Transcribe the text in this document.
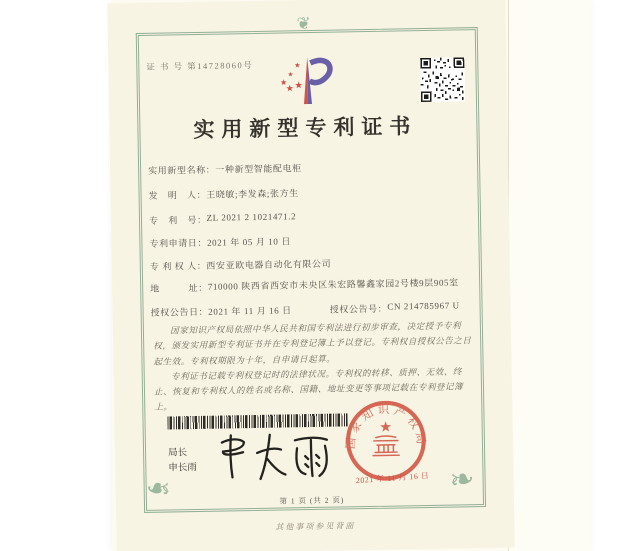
❦
❧	❧
证 书 号 第14728060号
实用新型专利证书
实用新型名称：一种新型智能配电柜
发　明　人：王晓敏;李发森;张方生
专　利　号：ZL 2021 2 1021471.2
专利申请日：2021 年 05 月 10 日
专 利 权 人：西安亚欧电器自动化有限公司
地　　　址：710000 陕西省西安市未央区朱宏路馨鑫家园2号楼9层905室
授权公告日：2021 年 11 月 16 日	授权公告号：CN 214785967 U

国家知识产权局依照中华人民共和国专利法进行初步审查，决定授予专利权，颁发实用新型专利证书并在专利登记簿上予以登记。专利权自授权公告之日起生效。专利权期限为十年，自申请日起算。

专利证书记载专利权登记时的法律状况。专利权的转移、质押、无效、终止、恢复和专利权人的姓名或名称、国籍、地址变更等事项记载在专利登记簿上。

局长
申长雨
国家知识产权局
2021 年 11 月 16 日
第 1 页 (共 2 页)
其他事项参见背面
